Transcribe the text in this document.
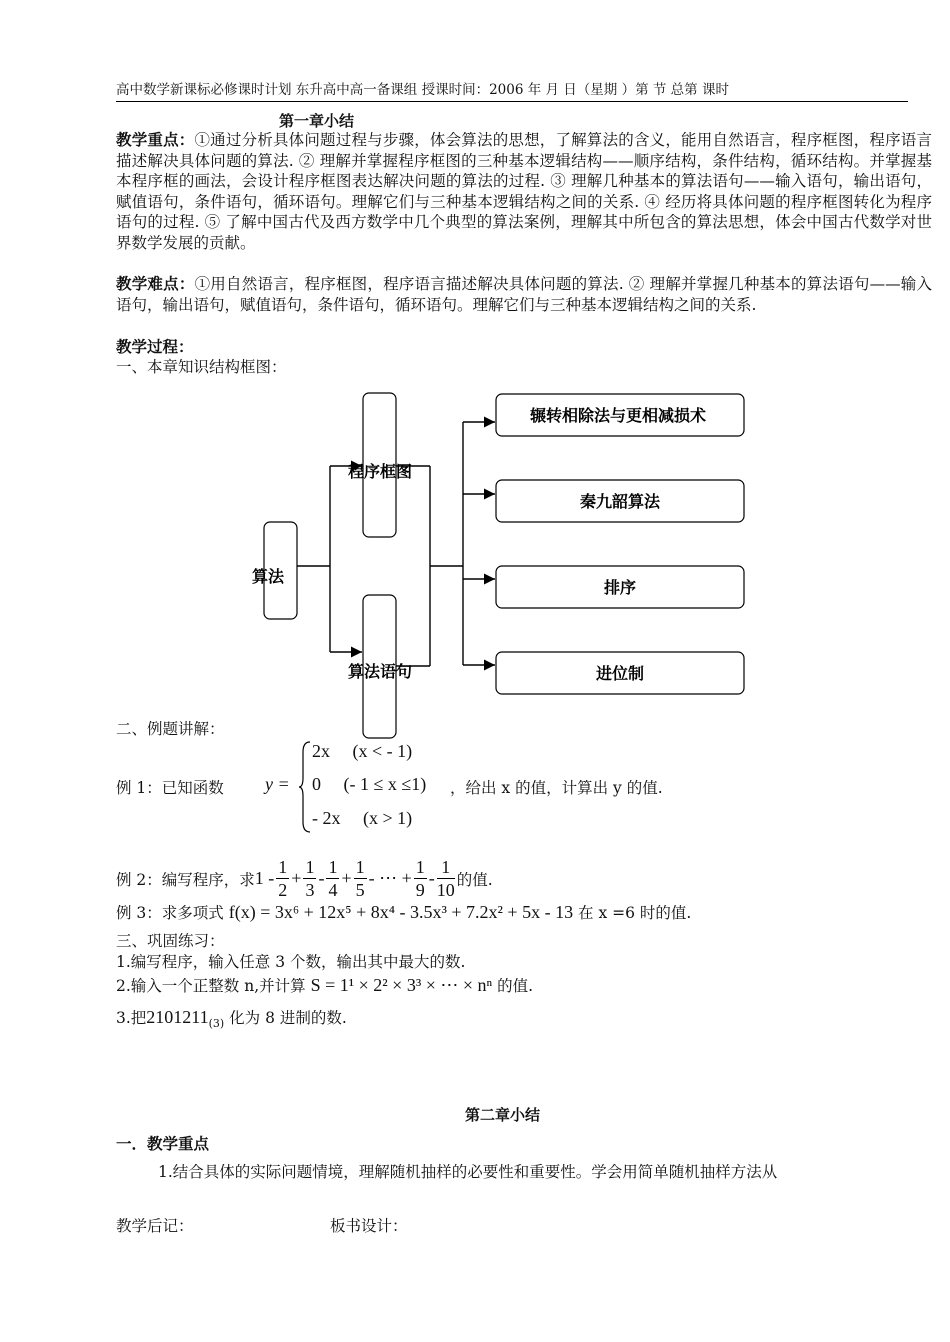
高中数学新课标必修课时计划 东升高中高一备课组 授课时间：2006 年 月 日（星期 ）第 节 总第 课时
第一章小结
教学重点：①通过分析具体问题过程与步骤，体会算法的思想，了解算法的含义，能用自然语言，程序框图，程序语言描述解决具体问题的算法. ② 理解并掌握程序框图的三种基本逻辑结构——顺序结构，条件结构，循环结构。并掌握基本程序框的画法，会设计程序框图表达解决问题的算法的过程. ③ 理解几种基本的算法语句——输入语句，输出语句，赋值语句，条件语句，循环语句。理解它们与三种基本逻辑结构之间的关系. ④ 经历将具体问题的程序框图转化为程序语句的过程. ⑤ 了解中国古代及西方数学中几个典型的算法案例，理解其中所包含的算法思想，体会中国古代数学对世界数学发展的贡献。
教学难点：①用自然语言，程序框图，程序语言描述解决具体问题的算法. ② 理解并掌握几种基本的算法语句——输入语句，输出语句，赋值语句，条件语句，循环语句。理解它们与三种基本逻辑结构之间的关系.
教学过程：
一、本章知识结构框图：
算法
程序框图
算法语句
辗转相除法与更相减损术
秦九韶算法
排序
进位制
二、例题讲解：
例 1：已知函数 y =
2x     (x < - 1)
0     (- 1 ≤ x ≤1)
- 2x     (x > 1)
，给出 x 的值，计算出 y 的值.
例 2：编写程序，求 $1 - \frac{1}{2} + \frac{1}{3} - \frac{1}{4} + \frac{1}{5}$ - ⋯ + $\frac{1}{9} - \frac{1}{10}$ 的值.
例 3：求多项式 f(x) = 3x⁶ + 12x⁵ + 8x⁴ - 3.5x³ + 7.2x² + 5x - 13 在 x =6 时的值.
三、巩固练习：
1.编写程序，输入任意 3 个数，输出其中最大的数.
2.输入一个正整数 n,并计算 S = 1¹ × 2² × 3³ × ⋯ × nⁿ 的值.
3.把$2101211_{(3)}$ 化为 8 进制的数.
第二章小结
一．教学重点
1.结合具体的实际问题情境，理解随机抽样的必要性和重要性。学会用简单随机抽样方法从
教学后记：	板书设计：
